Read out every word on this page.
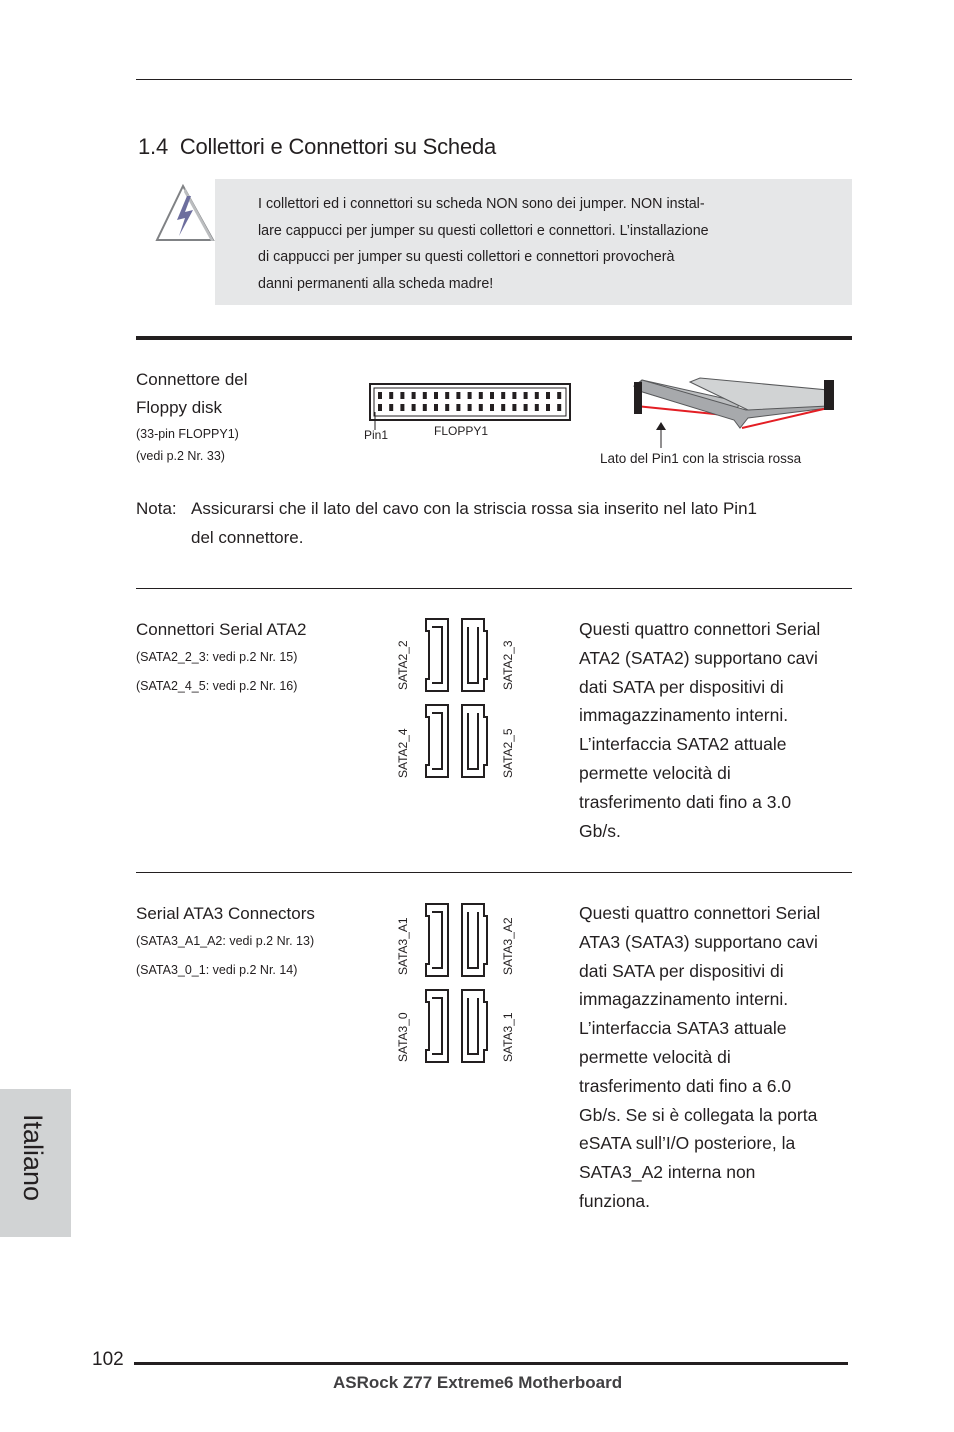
1.4 Collettori e Connettori su Scheda
I collettori ed i connettori su scheda NON sono dei jumper. NON instal-
lare cappucci per jumper su questi collettori e connettori. L’installazione
di cappucci per jumper su questi collettori e connettori provocherà
danni permanenti alla scheda madre!
Connettore del
Floppy disk
(33-pin FLOPPY1)
(vedi p.2 Nr. 33)
Pin1	FLOPPY1
Lato del Pin1 con la striscia rossa
Nota: Assicurarsi che il lato del cavo con la striscia rossa sia inserito nel lato Pin1
del connettore.
Connettori Serial ATA2
(SATA2_2_3: vedi p.2 Nr. 15)
(SATA2_4_5: vedi p.2 Nr. 16)	SATA2_2	SATA2_3
SATA2_4	SATA2_5
Questi quattro connettori Serial
ATA2 (SATA2) supportano cavi
dati SATA per dispositivi di
immagazzinamento interni.
L’interfaccia SATA2 attuale
permette velocità di
trasferimento dati fino a 3.0
Gb/s.
Serial ATA3 Connectors
(SATA3_A1_A2: vedi p.2 Nr. 13)
(SATA3_0_1: vedi p.2 Nr. 14)	SATA3_A1	SATA3_A2
SATA3_0	SATA3_1
Questi quattro connettori Serial
ATA3 (SATA3) supportano cavi
dati SATA per dispositivi di
immagazzinamento interni.
L’interfaccia SATA3 attuale
permette velocità di
trasferimento dati fino a 6.0
Gb/s. Se si è collegata la porta
eSATA sull’I/O posteriore, la
SATA3_A2 interna non
funziona.
Italiano
102
ASRock Z77 Extreme6 Motherboard
